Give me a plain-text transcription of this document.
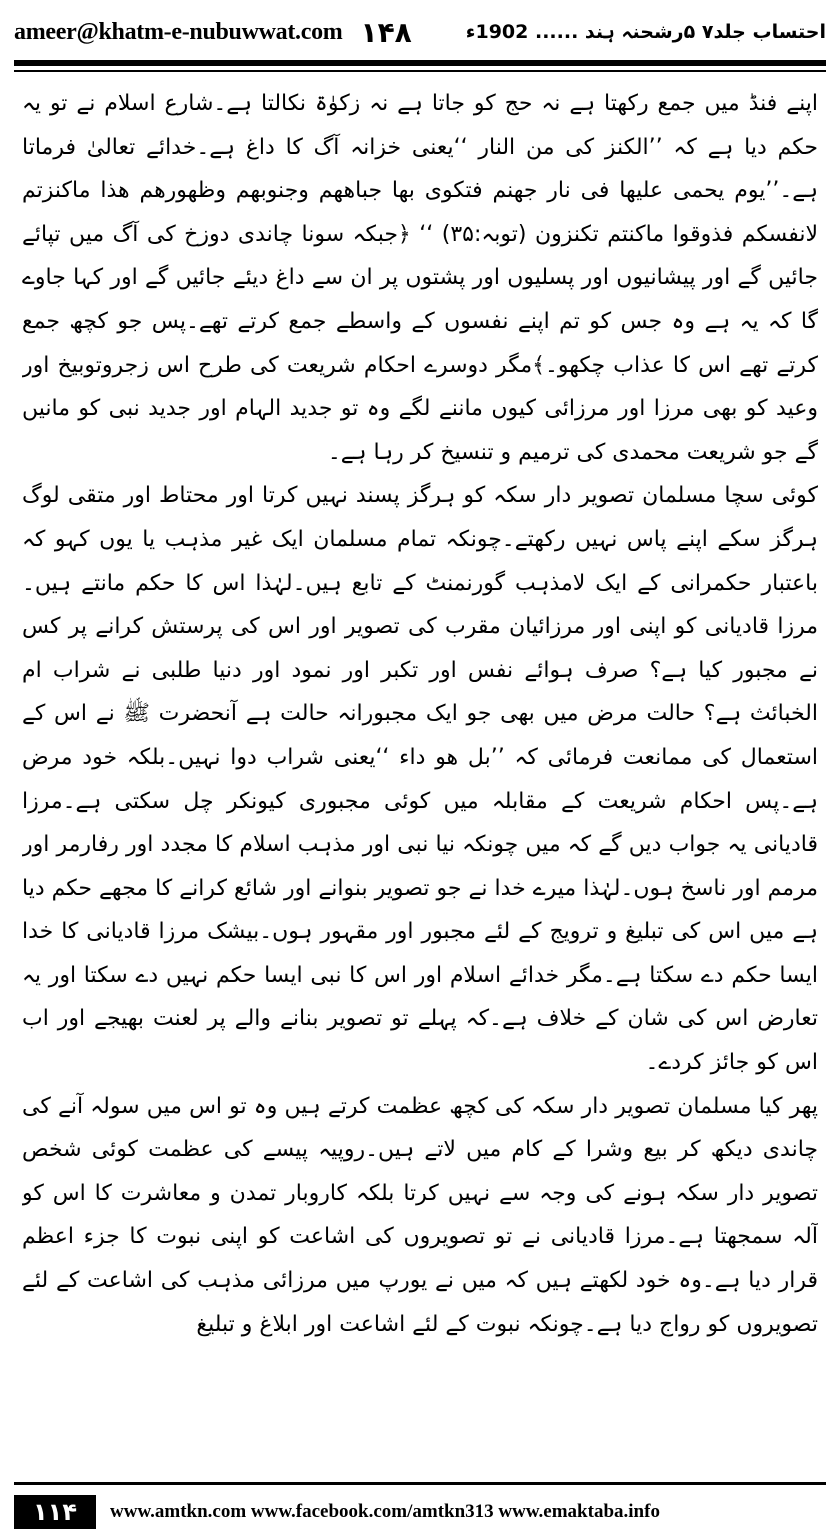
ameer@khatm-e-nubuwwat.com ۱۴۸	احتساب جلد۷ ۵رشحنہ ہند ...... 1902ء

اپنے فنڈ میں جمع رکھتا ہے نہ حج کو جاتا ہے نہ زکوٰۃ نکالتا ہے۔شارع اسلام نے تو یہ حکم دیا ہے کہ ’’الکنز کی من النار ‘‘یعنی خزانہ آگ کا داغ ہے۔خدائے تعالیٰ فرماتا ہے۔’’یوم یحمی علیھا فی نار جھنم فتکوی بھا جباھھم وجنوبھم وظھورھم ھذا ماکنزتم لانفسکم فذوقوا ماکنتم تکنزون (توبہ:۳۵) ‘‘ ﴿جبکہ سونا چاندی دوزخ کی آگ میں تپائے جائیں گے اور پیشانیوں اور پسلیوں اور پشتوں پر ان سے داغ دیئے جائیں گے اور کہا جاوے گا کہ یہ ہے وہ جس کو تم اپنے نفسوں کے واسطے جمع کرتے تھے۔پس جو کچھ جمع کرتے تھے اس کا عذاب چکھو۔﴾مگر دوسرے احکام شریعت کی طرح اس زجروتوبیخ اور وعید کو بھی مرزا اور مرزائی کیوں ماننے لگے وہ تو جدید الہام اور جدید نبی کو مانیں گے جو شریعت محمدی کی ترمیم و تنسیخ کر رہا ہے۔

کوئی سچا مسلمان تصویر دار سکہ کو ہرگز پسند نہیں کرتا اور محتاط اور متقی لوگ ہرگز سکے اپنے پاس نہیں رکھتے۔چونکہ تمام مسلمان ایک غیر مذہب یا یوں کہو کہ باعتبار حکمرانی کے ایک لامذہب گورنمنٹ کے تابع ہیں۔لہٰذا اس کا حکم مانتے ہیں۔مرزا قادیانی کو اپنی اور مرزائیان مقرب کی تصویر اور اس کی پرستش کرانے پر کس نے مجبور کیا ہے؟ صرف ہوائے نفس اور تکبر اور نمود اور دنیا طلبی نے شراب ام الخبائث ہے؟ حالت مرض میں بھی جو ایک مجبورانہ حالت ہے آنحضرت ﷺ نے اس کے استعمال کی ممانعت فرمائی کہ ’’بل ھو داء ‘‘یعنی شراب دوا نہیں۔بلکہ خود مرض ہے۔پس احکام شریعت کے مقابلہ میں کوئی مجبوری کیونکر چل سکتی ہے۔مرزا قادیانی یہ جواب دیں گے کہ میں چونکہ نیا نبی اور مذہب اسلام کا مجدد اور رفارمر اور مرمم اور ناسخ ہوں۔لہٰذا میرے خدا نے جو تصویر بنوانے اور شائع کرانے کا مجھے حکم دیا ہے میں اس کی تبلیغ و ترویج کے لئے مجبور اور مقہور ہوں۔بیشک مرزا قادیانی کا خدا ایسا حکم دے سکتا ہے۔مگر خدائے اسلام اور اس کا نبی ایسا حکم نہیں دے سکتا اور یہ تعارض اس کی شان کے خلاف ہے۔کہ پہلے تو تصویر بنانے والے پر لعنت بھیجے اور اب اس کو جائز کردے۔

پھر کیا مسلمان تصویر دار سکہ کی کچھ عظمت کرتے ہیں وہ تو اس میں سولہ آنے کی چاندی دیکھ کر بیع وشرا کے کام میں لاتے ہیں۔روپیہ پیسے کی عظمت کوئی شخص تصویر دار سکہ ہونے کی وجہ سے نہیں کرتا بلکہ کاروبار تمدن و معاشرت کا اس کو آلہ سمجھتا ہے۔مرزا قادیانی نے تو تصویروں کی اشاعت کو اپنی نبوت کا جزء اعظم قرار دیا ہے۔وہ خود لکھتے ہیں کہ میں نے یورپ میں مرزائی مذہب کی اشاعت کے لئے تصویروں کو رواج دیا ہے۔چونکہ نبوت کے لئے اشاعت اور ابلاغ و تبلیغ

۱۱۴	www.amtkn.com www.facebook.com/amtkn313 www.emaktaba.info
